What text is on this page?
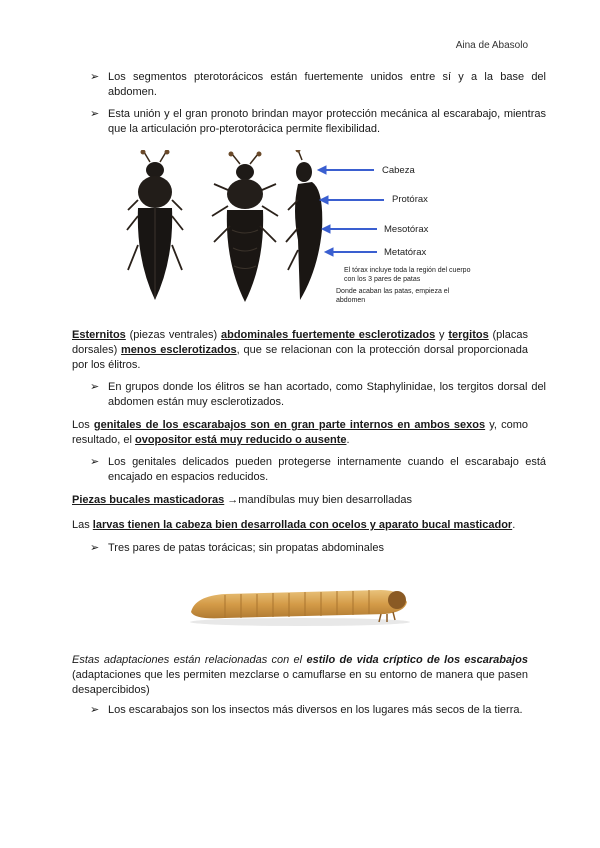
Aina de Abasolo
➢ Los segmentos pterotorácicos están fuertemente unidos entre sí y a la base del abdomen.
➢ Esta unión y el gran pronoto brindan mayor protección mecánica al escarabajo, mientras que la articulación pro-pterotorácica permite flexibilidad.
Cabeza
Protórax
Mesotórax
Metatórax
El tórax incluye toda la región del cuerpo con los 3 pares de patas
Donde acaban las patas, empieza el abdomen
Esternitos (piezas ventrales) abdominales fuertemente esclerotizados y tergitos (placas dorsales) menos esclerotizados, que se relacionan con la protección dorsal proporcionada por los élitros.
➢ En grupos donde los élitros se han acortado, como Staphylinidae, los tergitos dorsal del abdomen están muy esclerotizados.
Los genitales de los escarabajos son en gran parte internos en ambos sexos y, como resultado, el ovopositor está muy reducido o ausente.
➢ Los genitales delicados pueden protegerse internamente cuando el escarabajo está encajado en espacios reducidos.
Piezas bucales masticadoras →mandíbulas muy bien desarrolladas
Las larvas tienen la cabeza bien desarrollada con ocelos y aparato bucal masticador.
➢ Tres pares de patas torácicas; sin propatas abdominales
Estas adaptaciones están relacionadas con el estilo de vida críptico de los escarabajos (adaptaciones que les permiten mezclarse o camuflarse en su entorno de manera que pasen desapercibidos)
➢ Los escarabajos son los insectos más diversos en los lugares más secos de la tierra.
